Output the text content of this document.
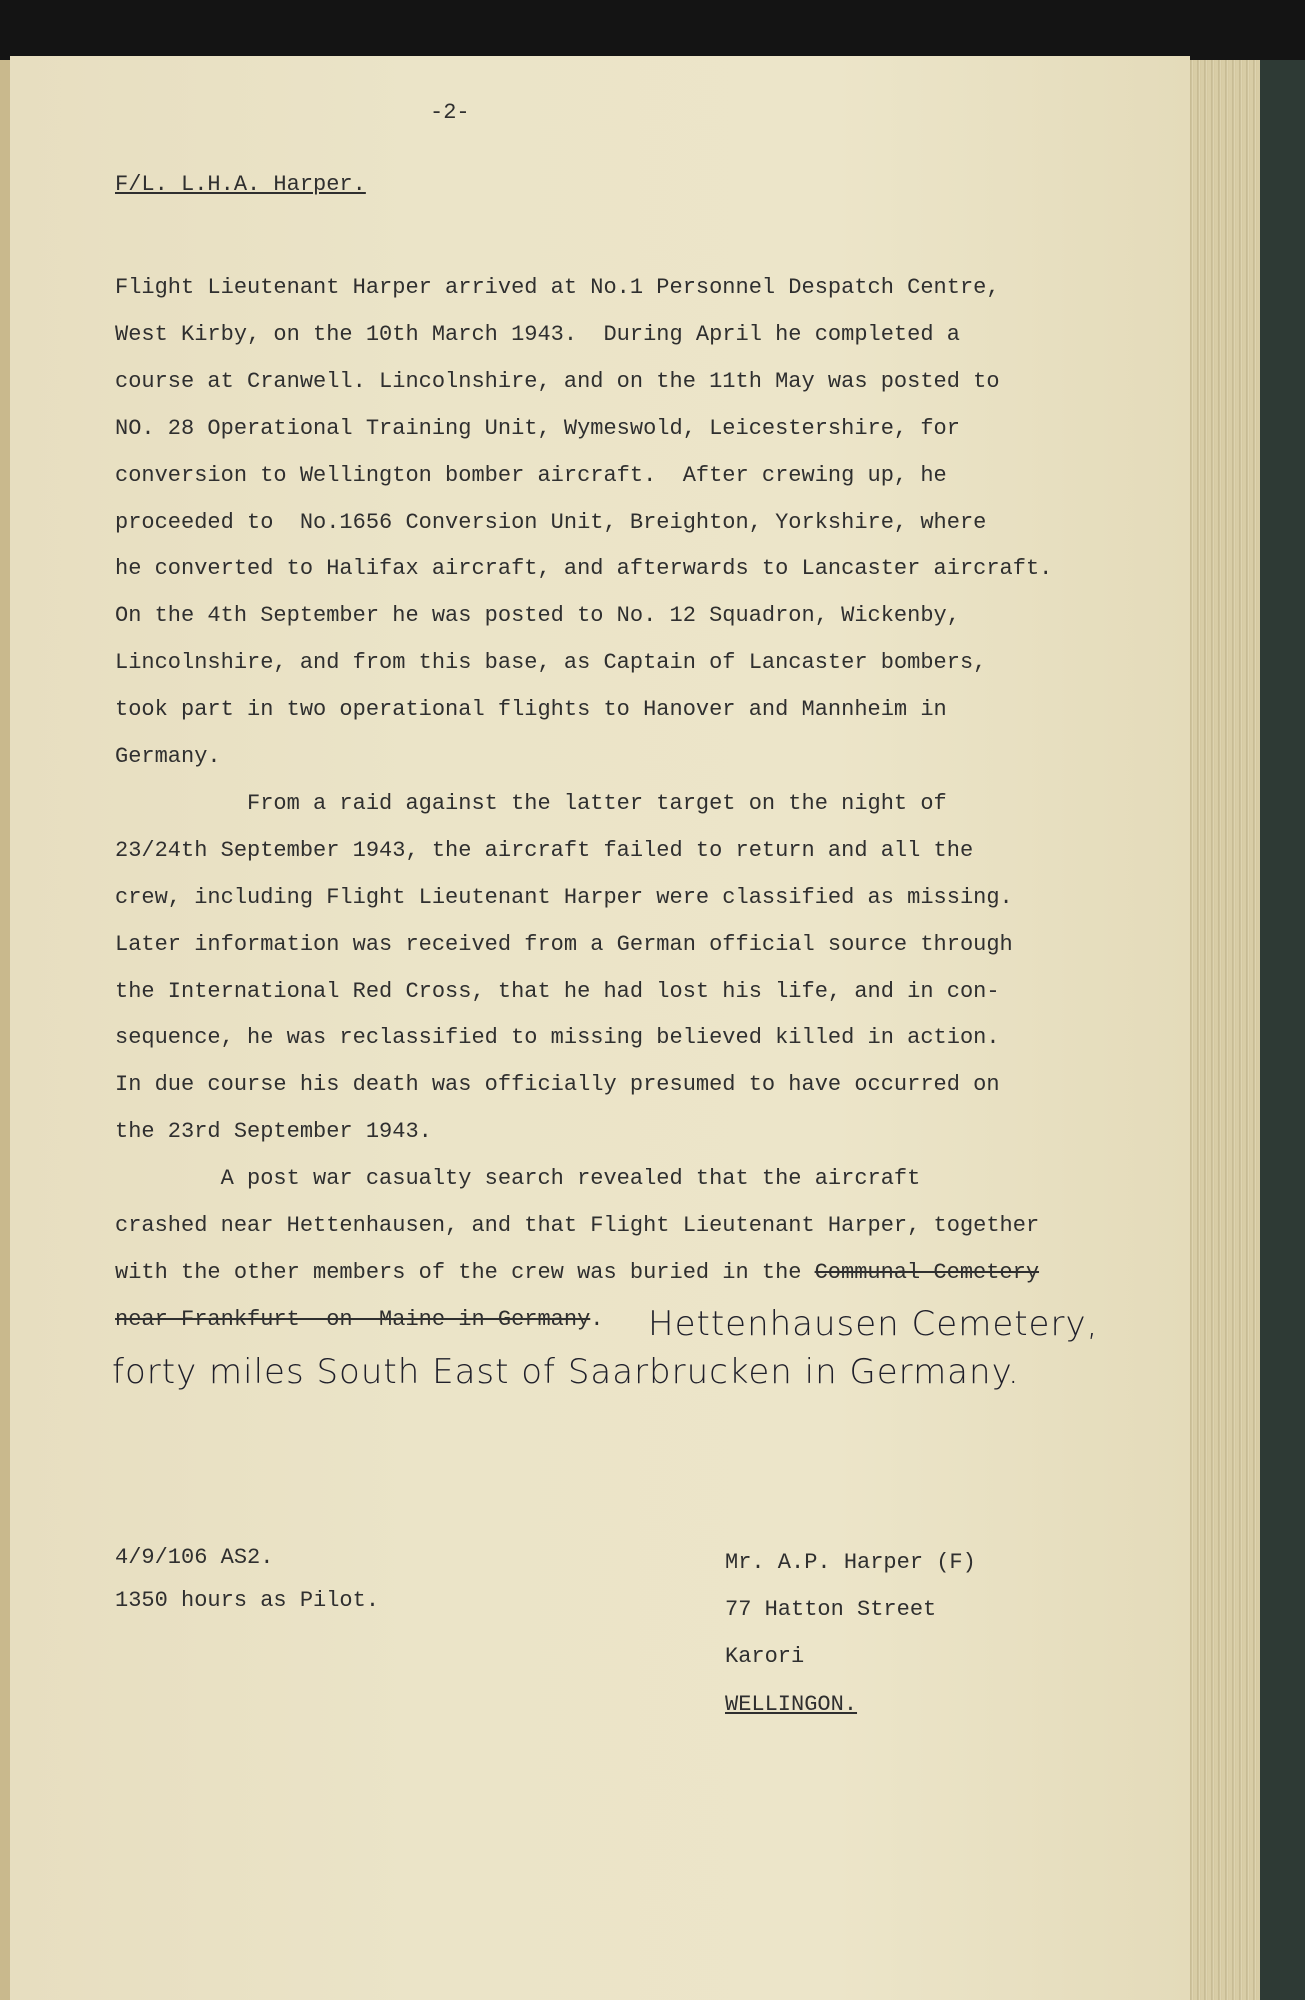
-2-
F/L. L.H.A. Harper.
Flight Lieutenant Harper arrived at No.1 Personnel Despatch Centre,
West Kirby, on the 10th March 1943.  During April he completed a
course at Cranwell. Lincolnshire, and on the 11th May was posted to
NO. 28 Operational Training Unit, Wymeswold, Leicestershire, for
conversion to Wellington bomber aircraft.  After crewing up, he
proceeded to  No.1656 Conversion Unit, Breighton, Yorkshire, where
he converted to Halifax aircraft, and afterwards to Lancaster aircraft.
On the 4th September he was posted to No. 12 Squadron, Wickenby,
Lincolnshire, and from this base, as Captain of Lancaster bombers,
took part in two operational flights to Hanover and Mannheim in
Germany.
From a raid against the latter target on the night of
23/24th September 1943, the aircraft failed to return and all the
crew, including Flight Lieutenant Harper were classified as missing.
Later information was received from a German official source through
the International Red Cross, that he had lost his life, and in con-
sequence, he was reclassified to missing believed killed in action.
In due course his death was officially presumed to have occurred on
the 23rd September 1943.
A post war casualty search revealed that the aircraft
crashed near Hettenhausen, and that Flight Lieutenant Harper, together
with the other members of the crew was buried in the Communal Cemetery
near Frankfurt -on- Maine in Germany . Hettenhausen Cemetery,
forty miles South East of Saarbrucken in Germany.
4/9/106 AS2.
1350 hours as Pilot.
Mr. A.P. Harper (F)
77 Hatton Street
Karori
WELLINGON.
